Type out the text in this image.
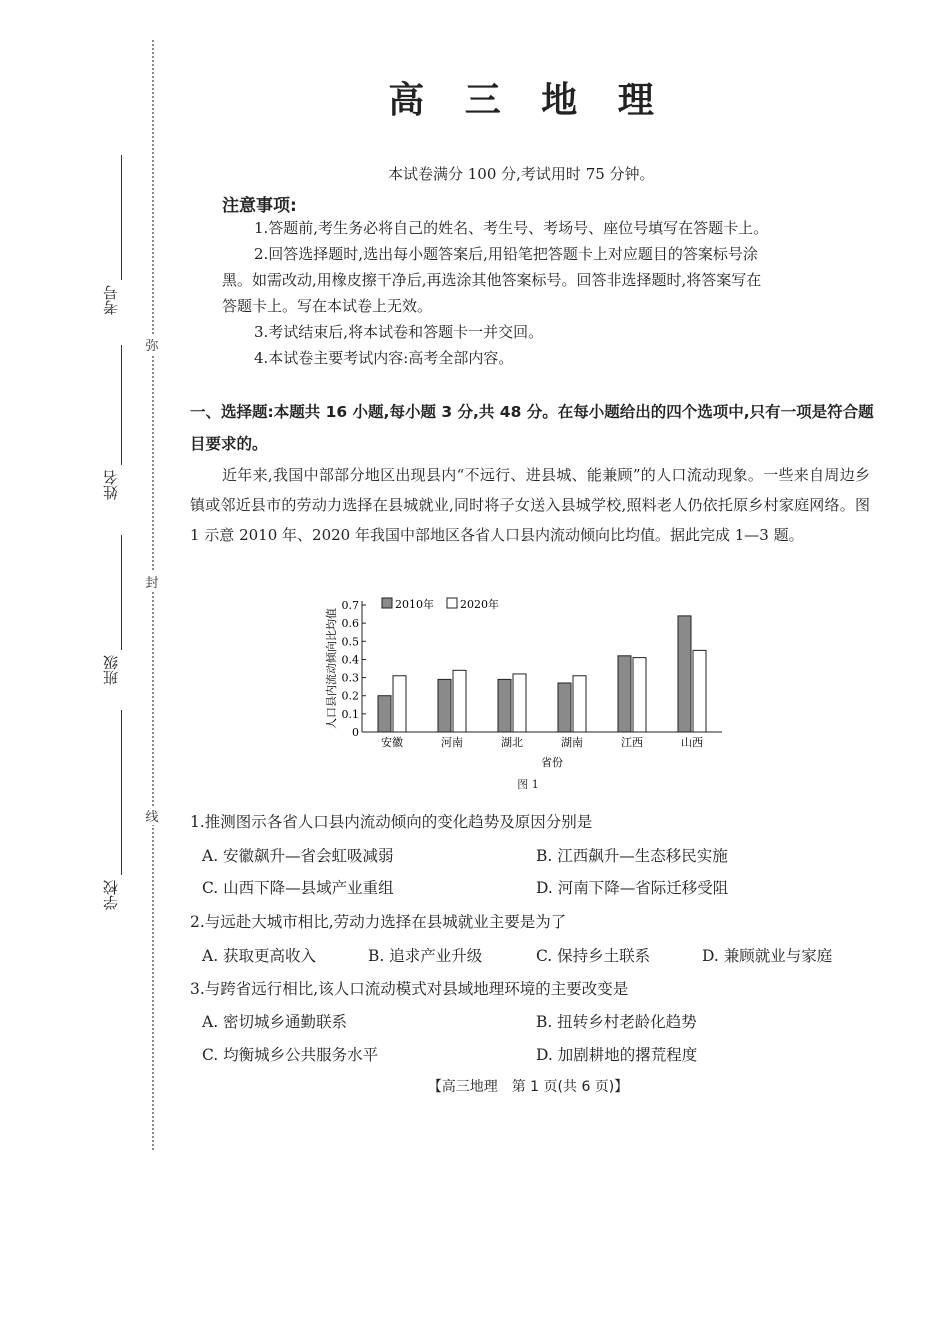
弥
封
线
考号
姓名
班级
学校
高 三 地 理
本试卷满分 100 分,考试用时 75 分钟。
注意事项:
1.答题前,考生务必将自己的姓名、考生号、考场号、座位号填写在答题卡上。
2.回答选择题时,选出每小题答案后,用铅笔把答题卡上对应题目的答案标号涂
黑。如需改动,用橡皮擦干净后,再选涂其他答案标号。回答非选择题时,将答案写在
答题卡上。写在本试卷上无效。
3.考试结束后,将本试卷和答题卡一并交回。
4.本试卷主要考试内容:高考全部内容。
一、选择题:本题共 16 小题,每小题 3 分,共 48 分。在每小题给出的四个选项中,只有一项是符合题目要求的。
近年来,我国中部部分地区出现县内“不远行、进县城、能兼顾”的人口流动现象。一些来自周边乡镇或邻近县市的劳动力选择在县城就业,同时将子女送入县城学校,照料老人仍依托原乡村家庭网络。图 1 示意 2010 年、2020 年我国中部地区各省人口县内流动倾向比均值。据此完成 1—3 题。
人口县内流动倾向比均值
0
0.1
0.2
0.3
0.4
0.5
0.6
0.7
安徽	河南	湖北	湖南	江西	山西
2010年 2020年
省份
图 1
1.推测图示各省人口县内流动倾向的变化趋势及原因分别是
A. 安徽飙升—省会虹吸减弱	B. 江西飙升—生态移民实施
C. 山西下降—县域产业重组	D. 河南下降—省际迁移受阻
2.与远赴大城市相比,劳动力选择在县城就业主要是为了
A. 获取更高收入	B. 追求产业升级	C. 保持乡土联系	D. 兼顾就业与家庭
3.与跨省远行相比,该人口流动模式对县域地理环境的主要改变是
A. 密切城乡通勤联系	B. 扭转乡村老龄化趋势
C. 均衡城乡公共服务水平	D. 加剧耕地的撂荒程度
【高三地理　第 1 页(共 6 页)】
